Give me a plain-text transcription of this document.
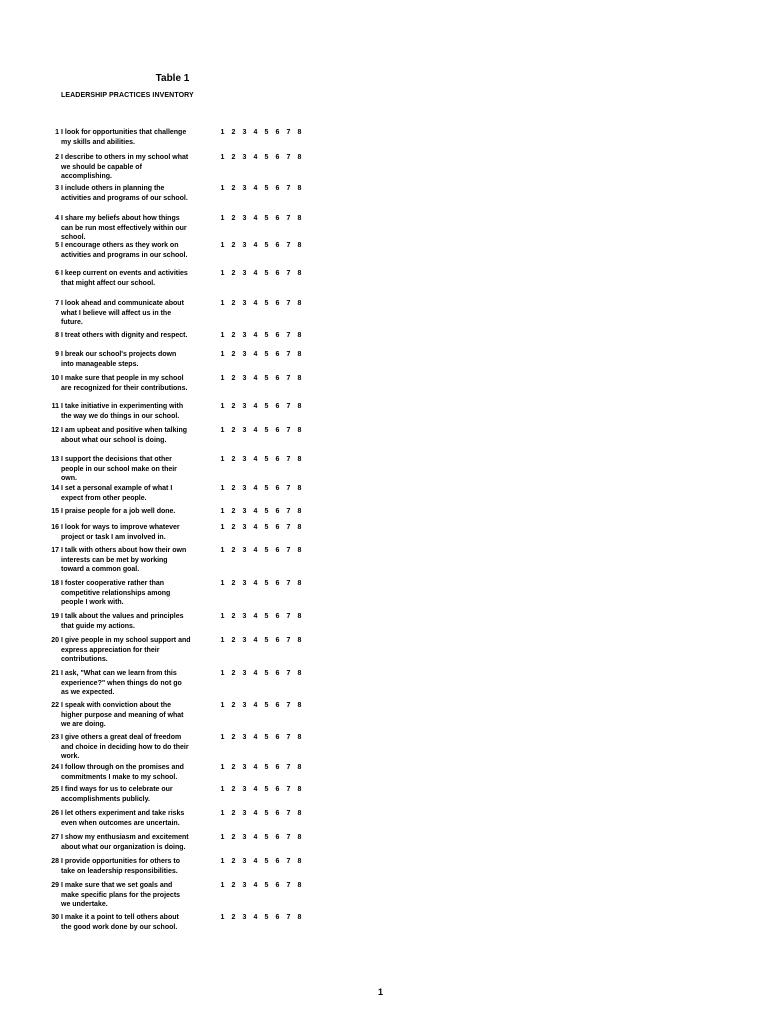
Table 1
LEADERSHIP PRACTICES INVENTORY
1 I look for opportunities that challenge
my skills and abilities.
1	2	3	4	5	6	7	8
2 I describe to others in my school what
we should be capable of
accomplishing.
1	2	3	4	5	6	7	8
3 I include others in planning the
activities and programs of our school.
1	2	3	4	5	6	7	8
4 I share my beliefs about how things
can be run most effectively within our
school.
1	2	3	4	5	6	7	8
5 I encourage others as they work on
activities and programs in our school.
1	2	3	4	5	6	7	8
6 I keep current on events and activities
that might affect our school.
1	2	3	4	5	6	7	8
7 I look ahead and communicate about
what I believe will affect us in the
future.
1	2	3	4	5	6	7	8
8 I treat others with dignity and respect.	1	2	3	4	5	6	7	8
9 I break our school's projects down
into manageable steps.
1	2	3	4	5	6	7	8
10 I make sure that people in my school
are recognized for their contributions.
1	2	3	4	5	6	7	8
11 I take initiative in experimenting with
the way we do things in our school.
1	2	3	4	5	6	7	8
12 I am upbeat and positive when talking
about what our school is doing.
1	2	3	4	5	6	7	8
13 I support the decisions that other
people in our school make on their
own.
1	2	3	4	5	6	7	8
14 I set a personal example of what I
expect from other people.
1	2	3	4	5	6	7	8
15 I praise people for a job well done.	1	2	3	4	5	6	7	8
16 I look for ways to improve whatever
project or task I am involved in.
1	2	3	4	5	6	7	8
17 I talk with others about how their own
interests can be met by working
toward a common goal.
1	2	3	4	5	6	7	8
18 I foster cooperative rather than
competitive relationships among
people I work with.
1	2	3	4	5	6	7	8
19 I talk about the values and principles
that guide my actions.
1	2	3	4	5	6	7	8
20 I give people in my school support and
express appreciation for their
contributions.
1	2	3	4	5	6	7	8
21 I ask, "What can we learn from this
experience?" when things do not go
as we expected.
1	2	3	4	5	6	7	8
22 I speak with conviction about the
higher purpose and meaning of what
we are doing.
1	2	3	4	5	6	7	8
23 I give others a great deal of freedom
and choice in deciding how to do their
work.
1	2	3	4	5	6	7	8
24 I follow through on the promises and
commitments I make to my school.
1	2	3	4	5	6	7	8
25 I find ways for us to celebrate our
accomplishments publicly.
1	2	3	4	5	6	7	8
26 I let others experiment and take risks
even when outcomes are uncertain.
1	2	3	4	5	6	7	8
27 I show my enthusiasm and excitement
about what our organization is doing.
1	2	3	4	5	6	7	8
28 I provide opportunities for others to
take on leadership responsibilities.
1	2	3	4	5	6	7	8
29 I make sure that we set goals and
make specific plans for the projects
we undertake.
1	2	3	4	5	6	7	8
30 I make it a point to tell others about
the good work done by our school.
1	2	3	4	5	6	7	8
1
